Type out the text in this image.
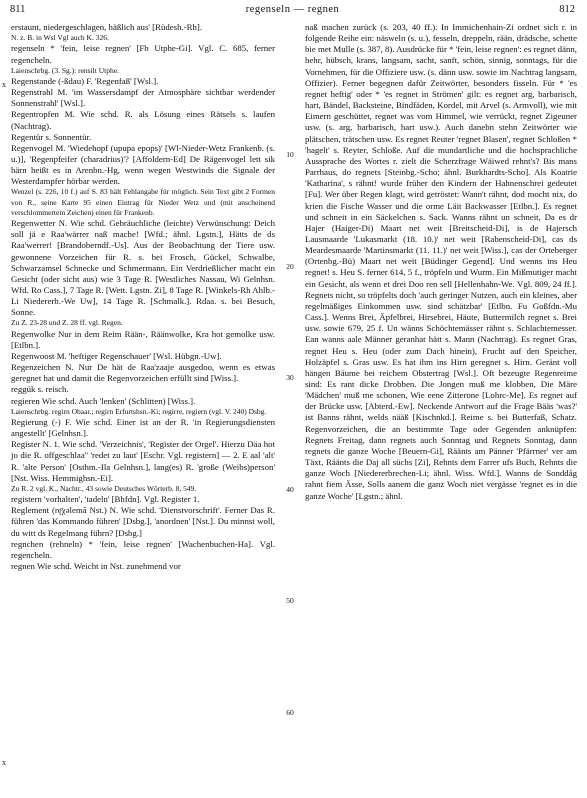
811	regenseln — regnen	812
x
x
10
20
30
40
50
60

erstaunt, niedergeschlagen, häßlich aus' [Rüdesh.-Rh].

N. z. B. in Wsl Vgl auch K. 326.

regenseln * 'fein, leise regnen' [Fb Utphe-Gi]. Vgl. C. 685, ferner regencheln.

Laienschrbg. (3. Sg.): rensilt Utphe.

Regenstande (-ßdau) F. 'Regenfaß' [Wsl.].

Regenstrahl M. 'im Wassersdampf der Atmosphäre sichtbar werdender Sonnenstrahl' [Wsl.].

Regentropfen M. Wie schd. R. als Lösung eines Rätsels s. laufen (Nachtrag).

Regentür s. Sonnentür.

Regenvogel M. 'Wiedehopf (upupa epops)' [Wl-Nieder-Wetz Frankenb. (s. u.)], 'Regenpfeifer (charadrius)'? [Affoldern-Ed] De Rägenvogel lett sik härn heißt es in Arenbn.-Hg, wenn wegen Westwinds die Signale der Westerdampfer hörbar werden.

Wenzel (s. 226, 10 f.) auf S. 83 hält Fehlangabe für möglich. Sein Text gibt 2 Formen von R., seine Karte 95 einen Eintrag für Nieder Wetz und (mit anscheinend verschlommertem Zeichen) einen für Frankenb.

Regenwetter N. Wie schd. Gebräuchliche (leichte) Verwünschung: Deich soll jä e Raa'wärrer naß mache! [Wfd.; ähnl. Lgstn.], Hätts de ds Raa'werrer! [Brandoberndf.-Us]. Aus der Beobachtung der Tiere usw. gewonnene Vorzeichen für R. s. bei Frosch, Gückel, Schwalbe, Schwarzamsel Schnecke und Schmermann. Ein Verdrießlicher macht ein Gesicht (oder sicht aus) wie 3 Tage R. [Westliches Nassau, Wi Gelnhsn. Wfd. Ro Cass.], 7 Tage R. [Wett. Lgstn. Zi], 8 Tage R. [Winkels-Rh Ahlb.-Li Niedererb.-We Uw], 14 Tage R. [Schmalk.]. Rdaa. s. bei Besuch, Sonne.

Zu Z. 23-28 und Z. 28 ff. vgl. Regen.

Regenwolke Nur in dem Reim Rään-, Räänwolke, Kra hot gemolke usw. [Etlbn.].

Regenwoost M. 'heftiger Regenschauer' [Wsl. Hübgn.-Uw].

Regenzeichen N. Nur De hät de Raa'zaaje ausgedoo, wenn es etwas geregnet hat und damit die Regenvorzeichen erfüllt sind [Wiss.].

reggük s. reisch.

regieren Wie schd. Auch 'lenken' (Schlitten) [Wiss.].

Laienschrbg. regirn Obaar.; regirn Erfurtshsn.-Ki; regirre, regiern (vgl. V. 240) Dsbg.

Regierung (-) F. Wie schd. Einer ist an der R. 'in Regierungsdiensten angestellt' [Gelnhsn.].

Register N. 1. Wie schd. 'Verzeichnis', 'Register der Orgel'. Hierzu Däa hot jo die R. offgeschlaa'' 'redet zu laut' [Eschr. Vgl. registern] — 2. E aal 'alt' R. 'alte Person' [Osthm.-Ila Gelnhsn.], lang(es) R. 'große (Weibs)person' [Nst. Wiss. Hemmighsn.-Ei].

Zu R. 2 vgl. K., Nachtr., 43 sowie Deutsches Wörterb. 8, 549.

registern 'vorhalten', 'tadeln' [Bhfdn]. Vgl. Register 1.

Reglement (rę̄χəlemā Nst.) N. Wie schd. 'Dienstvorschrift'. Ferner Das R. führen 'das Kommando führen' [Dsbg.], 'anordnen' [Nst.]. Du minnst woll, du witt ds Regelmang führn? [Dsbg.]

regnchen (rehneln) * 'fein, leise regnen' [Wachenbuchen-Ha]. Vgl. regencheln.

regnen Wie schd. Weicht in Nst. zunehmend vor

naß machen zurück (s. 203, 40 ff.). In Immichenhain-Zi ordnet sich r. in folgende Reihe ein: näsweln (s. u.), fesseln, dreppeln, rään, drädsche, schette bie met Mulle (s. 387, 8). Ausdrücke für * 'fein, leise regnen': es regnet dänn, hehr, hübsch, krans, langsam, sacht, sanft, schön, sinnig, sonntags, für die Vornehmen, für die Offiziere usw. (s. dänn usw. sowie im Nachtrag langsam, Offizier). Ferner begegnen dafür Zeitwörter, besonders fisseln. Für * 'es regnet heftig' oder * 'es regnet in Strömen' gilt: es regnet arg, barbarisch, hart, Bändel, Backsteine, Bindfäden, Kordel, mit Arvel (s. Armvoll), wie mit Eimern geschüttet, regnet was vom Himmel, wie verrückt, regnet Zigeuner usw. (s. arg, barbarisch, hart usw.). Auch danebn stehn Zeitwörter wie plätschen, trätschen usw. Es regnet Reuter 'regnet Blasen', regnet Schloßen * 'hagelt' s. Reyter, Schloße. Auf die mundartliche und die hochsprachliche Aussprache des Wortes r. zielt die Scherzfrage Wäiwed rehnt's? Bis mans Parrhaus, do regnets [Steinbg.-Scho; ähnl. Burkhardts-Scho]. Als Koatrie 'Katharina', s rähnt! wurde früher den Kindern der Hahnenschrei gedeutet [Fu]. Wer über Regen klagt, wird getröstet: Wann't rähnt, dod mocht nix, do krien die Fische Wasser und die orme Läit Backwasser [Etlbn.]. Es regnet und schneit in ein Säckelchen s. Sack. Wanns rähnt un schneit, Da es dr Hajer (Haiger-Di) Maart net weit [Breitscheid-Di], is de Hajersch Lausmaarde 'Lukasmarkt (18. 10.)' net weit [Rabenscheid-Di], cas ds Meardesmaarde 'Martinsmarkt (11. 11.)' net weit [Wiss.], cas der Orteberger (Ortenbg.-Bü) Maart net weit [Büdinger Gegend]. Und wenns ins Heu regnet! s. Heu S. ferner 614, 5 f., tröpfeln und Wurm. Ein Mißmutiger macht ein Gesicht, als wenn et drei Doo ren sell [Hellenhahn-We. Vgl. 809, 24 ff.]. Regnets nicht, so tröpfelts doch 'auch geringer Nutzen, auch ein kleines, aber regelmäßiges Einkommen usw. sind schätzbar' [Etlbn. Fu Goßfdn.-Mu Cass.]. Wenns Brei, Äpfelbrei, Hirsebrei, Häute, Buttermilch regnet s. Brei usw. sowie 679, 25 f. Un wänns Schöchtemässer rähnt s. Schlachtemesser. Ean wanns aale Männer geranhat hätt s. Mann (Nachtrag). Es regnet Gras, regnet Heu s. Heu (oder zum Dach hinein), Frucht auf den Speicher, Holzäpfel s. Gras usw. Es hat ihm ins Hirn geregnet s. Hirn. Geränt voll hängen Bäume bei reichem Obstertrag [Wsl.]. Oft bezeugte Regenreime sind: Es rant dicke Drobben. Die Jongen muß me klobben, Die Märe 'Mädchen' muß me schonen, Wie eene Zitterone [Lohrc-Me]. Es regnet auf der Brücke usw. [Abterd.-Ew]. Neckende Antwort auf die Frage Bääs 'was?' ist Banns rähnt, welds nääß [Kischnkd.]. Reime s. bei Butterfaß, Schatz. Regenvorzeichen, die an bestimmte Tage oder Gegenden anknüpfen: Regnets Freitag, dann regnets auch Sonntag und Regnets Sonntag, dann regnets die ganze Woche [Beuern-Gi], Räänts am Pänner 'Pfärrner' ver am Täxt, Räänts die Daj all süchs [Zi], Rehnts dem Farrer ufs Buch, Rehnts die ganze Woch [Niedererbrechen-Li; ähnl. Wiss. Wfd.]. Wanns de Sonddåg rahnt fiem Ässe, Solls aanem die ganz Woch niet vergässe 'regnet es in die ganze Woche' [Lgstn.; ähnl.
